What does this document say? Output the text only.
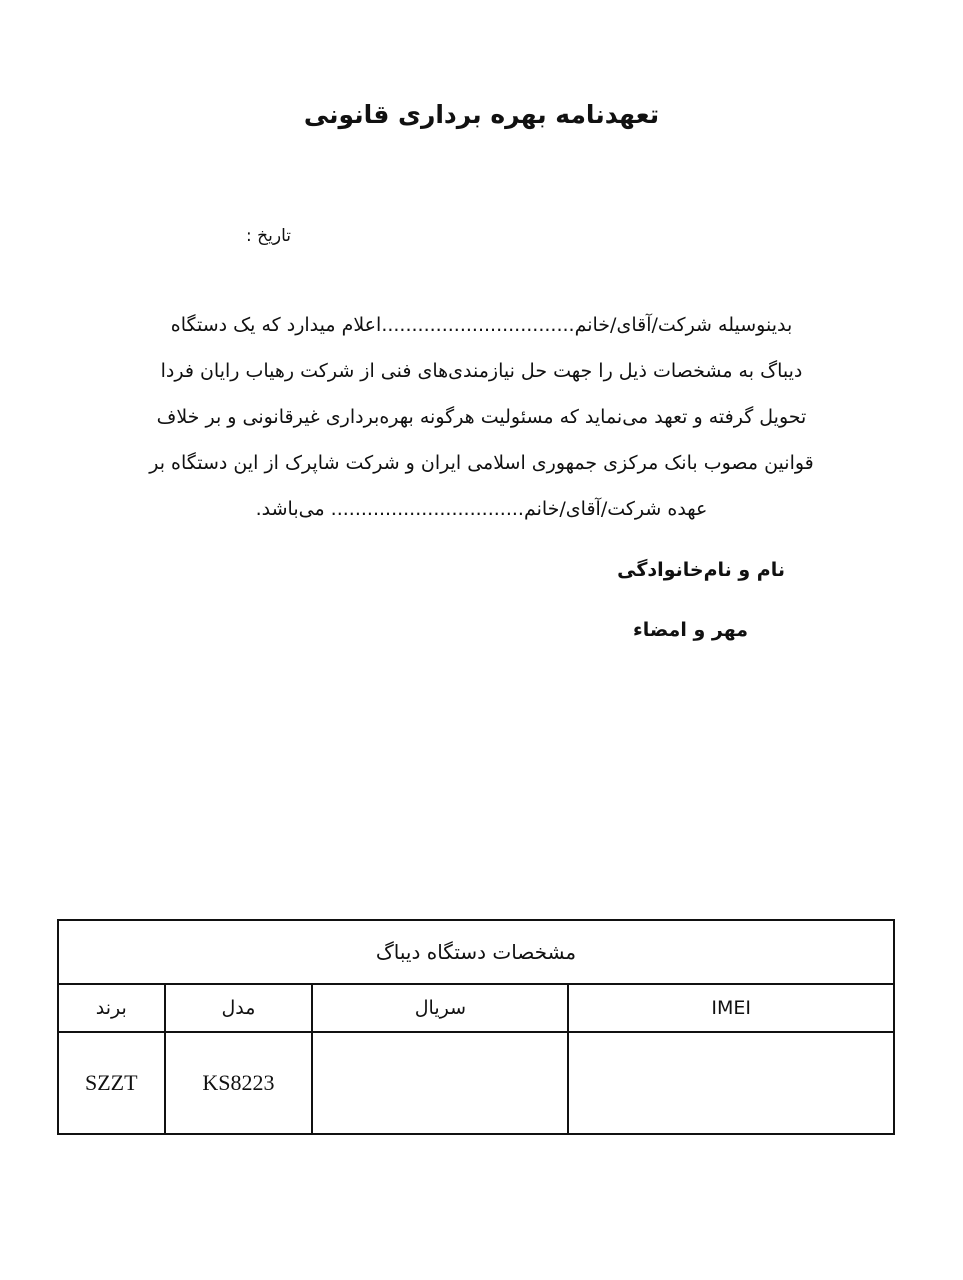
تعهدنامه بهره برداری قانونی
تاریخ :

بدینوسیله شرکت/آقای/خانم................................اعلام میدارد که یک دستگاه

دیباگ به مشخصات ذیل را جهت حل نیازمندی‌های فنی از شرکت رهیاب رایان فردا

تحویل گرفته و تعهد می‌نماید که مسئولیت هرگونه بهره‌برداری غیرقانونی و بر خلاف

قوانین مصوب بانک مرکزی جمهوری اسلامی ایران و شرکت شاپرک از این دستگاه بر

عهده شرکت/آقای/خانم................................ می‌باشد.

نام و نام‌خانوادگی
مهر و امضاء
مشخصات دستگاه دیباگ			
IMEI	سریال	مدل	برند
		KS8223	SZZT
